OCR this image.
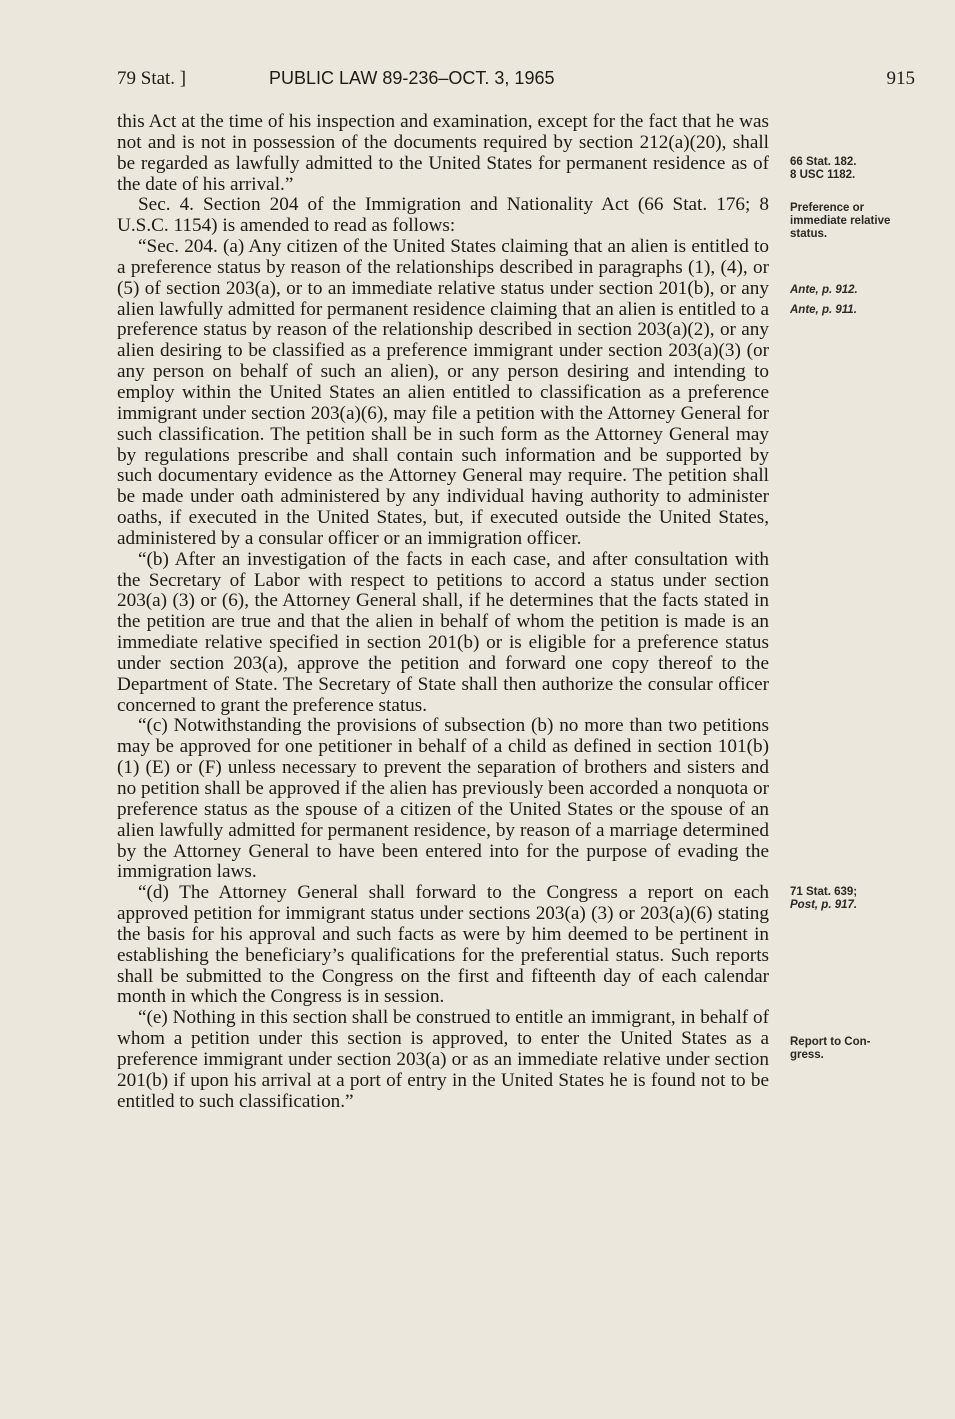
79 Stat. ]	PUBLIC LAW 89-236–OCT. 3, 1965	915

this Act at the time of his inspection and examination, except for the fact that he was not and is not in possession of the documents required by section 212(a)(20), shall be regarded as lawfully admitted to the United States for permanent residence as of the date of his arrival.”

Sec. 4. Section 204 of the Immigration and Nationality Act (66 Stat. 176; 8 U.S.C. 1154) is amended to read as follows:

“Sec. 204. (a) Any citizen of the United States claiming that an alien is entitled to a preference status by reason of the relationships described in paragraphs (1), (4), or (5) of section 203(a), or to an immediate relative status under section 201(b), or any alien lawfully admitted for permanent residence claiming that an alien is entitled to a preference status by reason of the relationship described in section 203(a)(2), or any alien desiring to be classified as a preference immigrant under section 203(a)(3) (or any person on behalf of such an alien), or any person desiring and intending to employ within the United States an alien entitled to classification as a preference immigrant under section 203(a)(6), may file a petition with the Attorney General for such classification. The petition shall be in such form as the Attorney General may by regulations prescribe and shall contain such information and be supported by such documentary evidence as the Attorney General may require. The petition shall be made under oath administered by any individual having authority to administer oaths, if executed in the United States, but, if executed outside the United States, administered by a consular officer or an immigration officer.

“(b) After an investigation of the facts in each case, and after consultation with the Secretary of Labor with respect to petitions to accord a status under section 203(a) (3) or (6), the Attorney General shall, if he determines that the facts stated in the petition are true and that the alien in behalf of whom the petition is made is an immediate relative specified in section 201(b) or is eligible for a preference status under section 203(a), approve the petition and forward one copy thereof to the Department of State. The Secretary of State shall then authorize the consular officer concerned to grant the preference status.

“(c) Notwithstanding the provisions of subsection (b) no more than two petitions may be approved for one petitioner in behalf of a child as defined in section 101(b)(1) (E) or (F) unless necessary to prevent the separation of brothers and sisters and no petition shall be approved if the alien has previously been accorded a nonquota or preference status as the spouse of a citizen of the United States or the spouse of an alien lawfully admitted for permanent residence, by reason of a marriage determined by the Attorney General to have been entered into for the purpose of evading the immigration laws.

“(d) The Attorney General shall forward to the Congress a report on each approved petition for immigrant status under sections 203(a) (3) or 203(a)(6) stating the basis for his approval and such facts as were by him deemed to be pertinent in establishing the beneficiary’s qualifications for the preferential status. Such reports shall be submitted to the Congress on the first and fifteenth day of each calendar month in which the Congress is in session.

“(e) Nothing in this section shall be construed to entitle an immigrant, in behalf of whom a petition under this section is approved, to enter the United States as a preference immigrant under section 203(a) or as an immediate relative under section 201(b) if upon his arrival at a port of entry in the United States he is found not to be entitled to such classification.”

66 Stat. 182.
8 USC 1182.
Preference or
immediate relative
status.
Ante, p. 912.
Ante, p. 911.
71 Stat. 639;
Post, p. 917.
Report to Con-
gress.
